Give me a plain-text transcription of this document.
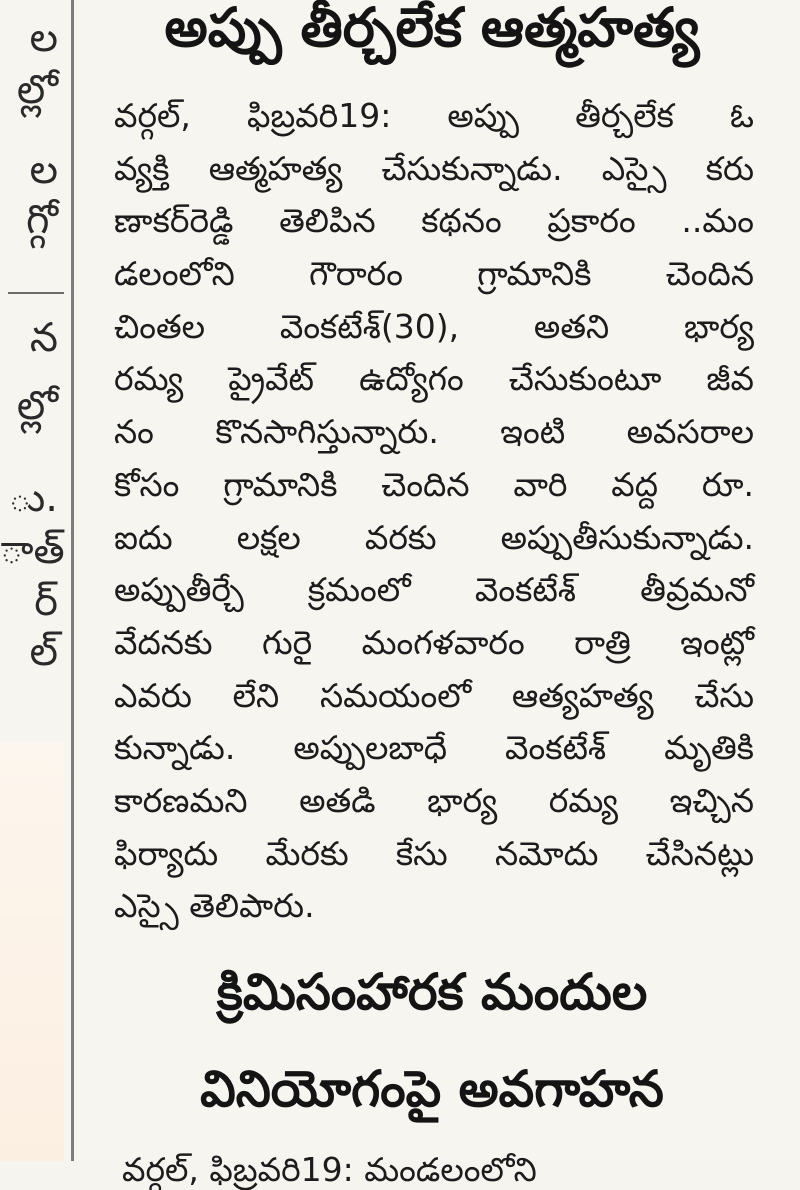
ల
ల్లో
ల
గ్గో
న
ల్లో
ు.
ాత్
ర్
ల్
అప్పు తీర్చలేక ఆత్మహత్య
వర్గల్, ఫిబ్రవరి19: అప్పు తీర్చలేక ఓ
వ్యక్తి ఆత్మహత్య చేసుకున్నాడు. ఎస్సై కరు
ణాకర్‌రెడ్డి తెలిపిన కథనం ప్రకారం ..మం
డలంలోని గౌరారం గ్రామానికి చెందిన
చింతల వెంకటేశ్(30), అతని భార్య
రమ్య ప్రైవేట్ ఉద్యోగం చేసుకుంటూ జీవ
నం కొనసాగిస్తున్నారు. ఇంటి అవసరాల
కోసం గ్రామానికి చెందిన వారి వద్ద రూ.
ఐదు లక్షల వరకు అప్పుతీసుకున్నాడు.
అప్పుతీర్చే క్రమంలో వెంకటేశ్ తీవ్రమనో
వేదనకు గురై మంగళవారం రాత్రి ఇంట్లో
ఎవరు లేని సమయంలో ఆత్యహత్య చేసు
కున్నాడు. అప్పులబాధే వెంకటేశ్ మృతికి
కారణమని అతడి భార్య రమ్య ఇచ్చిన
ఫిర్యాదు మేరకు కేసు నమోదు చేసినట్లు
ఎస్సై తెలిపారు.
క్రిమిసంహారక మందుల
వినియోగంపై అవగాహన
వర్గల్, ఫిబ్రవరి19: మండలంలోని
